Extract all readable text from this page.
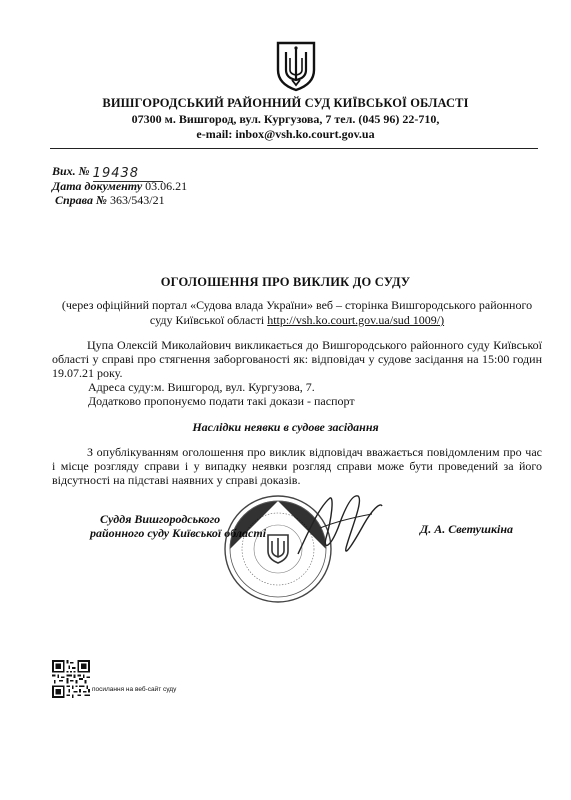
ВИШГОРОДСЬКИЙ РАЙОННИЙ СУД КИЇВСЬКОЇ ОБЛАСТІ
07300 м. Вишгород, вул. Кургузова, 7 тел. (045 96) 22-710,
e-mail: inbox@vsh.ko.court.gov.ua
Вих. № 19438
Дата документу 03.06.21
Справа № 363/543/21
ОГОЛОШЕННЯ ПРО ВИКЛИК ДО СУДУ
(через офіційний портал «Судова влада України» веб – сторінка Вишгородського районного суду Київської області http://vsh.ko.court.gov.ua/sud 1009/)
Цупа Олексій Миколайович викликається до Вишгородського районного суду Київської області у справі про стягнення заборгованості як: відповідач у судове засідання на 15:00 годин 19.07.21 року.
Адреса суду:м. Вишгород, вул. Кургузова, 7.
Додатково пропонуємо подати такі докази - паспорт
Наслідки неявки в судове засідання
З опублікуванням оголошення про виклик відповідач вважається повідомленим про час і місце розгляду справи і у випадку неявки розгляд справи може бути проведений за його відсутності на підставі наявних у справі доказів.
Суддя Вишгородського
районного суду Київської області	Д. А. Светушкіна
посилання на веб-сайт суду
